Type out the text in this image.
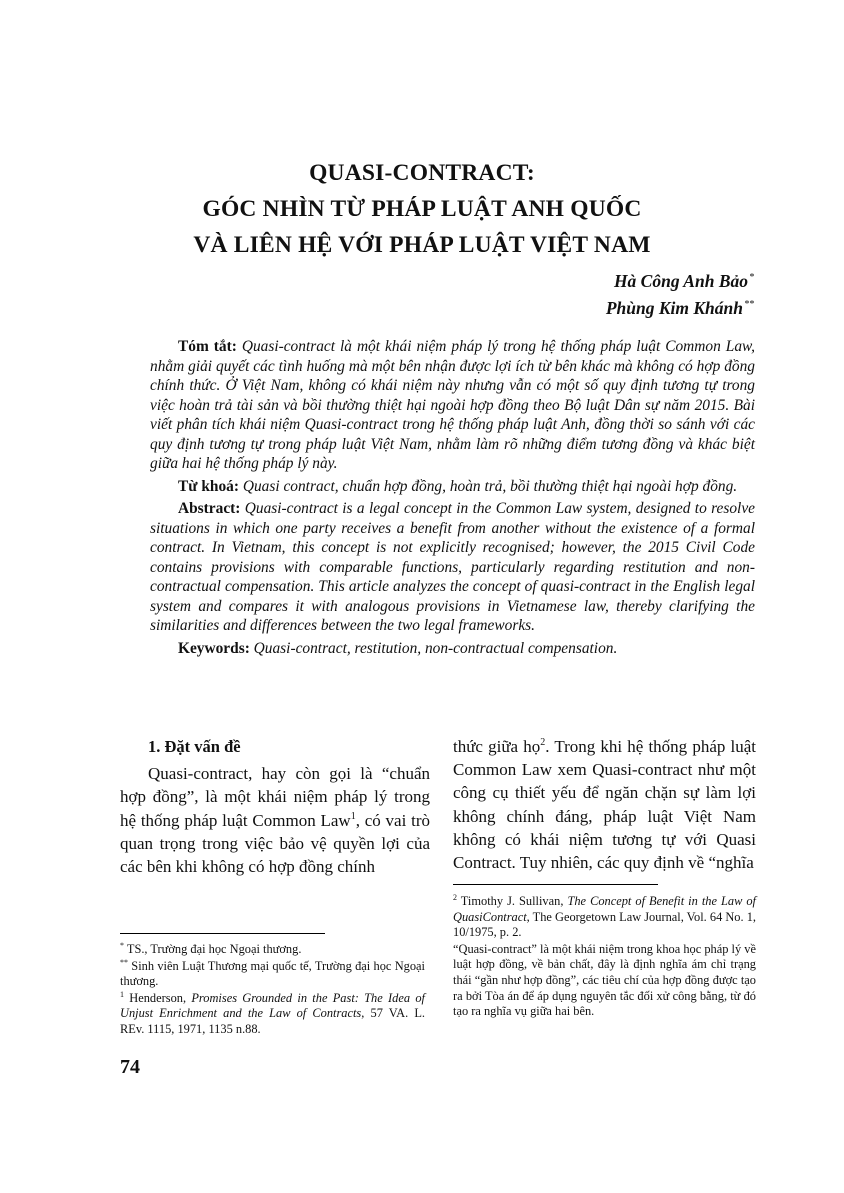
QUASI-CONTRACT:
GÓC NHÌN TỪ PHÁP LUẬT ANH QUỐC
VÀ LIÊN HỆ VỚI PHÁP LUẬT VIỆT NAM
Hà Công Anh Bảo*
Phùng Kim Khánh**

Tóm tắt: Quasi-contract là một khái niệm pháp lý trong hệ thống pháp luật Common Law, nhằm giải quyết các tình huống mà một bên nhận được lợi ích từ bên khác mà không có hợp đồng chính thức. Ở Việt Nam, không có khái niệm này nhưng vẫn có một số quy định tương tự trong việc hoàn trả tài sản và bồi thường thiệt hại ngoài hợp đồng theo Bộ luật Dân sự năm 2015. Bài viết phân tích khái niệm Quasi-contract trong hệ thống pháp luật Anh, đồng thời so sánh với các quy định tương tự trong pháp luật Việt Nam, nhằm làm rõ những điểm tương đồng và khác biệt giữa hai hệ thống pháp lý này.

Từ khoá: Quasi contract, chuẩn hợp đồng, hoàn trả, bồi thường thiệt hại ngoài hợp đồng.

Abstract: Quasi-contract is a legal concept in the Common Law system, designed to resolve situations in which one party receives a benefit from another without the existence of a formal contract. In Vietnam, this concept is not explicitly recognised; however, the 2015 Civil Code contains provisions with comparable functions, particularly regarding restitution and non-contractual compensation. This article analyzes the concept of quasi-contract in the English legal system and compares it with analogous provisions in Vietnamese law, thereby clarifying the similarities and differences between the two legal frameworks.

Keywords: Quasi-contract, restitution, non-contractual compensation.

1. Đặt vấn đề

Quasi-contract, hay còn gọi là “chuẩn hợp đồng”, là một khái niệm pháp lý trong hệ thống pháp luật Common Law$^1$, có vai trò quan trọng trong việc bảo vệ quyền lợi của các bên khi không có hợp đồng chính

thức giữa họ$^2$. Trong khi hệ thống pháp luật Common Law xem Quasi-contract như một công cụ thiết yếu để ngăn chặn sự làm lợi không chính đáng, pháp luật Việt Nam không có khái niệm tương tự với Quasi Contract. Tuy nhiên, các quy định về “nghĩa

* TS., Trường đại học Ngoại thương.

** Sinh viên Luật Thương mại quốc tế, Trường đại học Ngoại thương.

$^1$ Henderson, Promises Grounded in the Past: The Idea of Unjust Enrichment and the Law of Contracts, 57 VA. L. REv. 1115, 1971, 1135 n.88.

$^2$ Timothy J. Sullivan, The Concept of Benefit in the Law of QuasiContract, The Georgetown Law Journal, Vol. 64 No. 1, 10/1975, p. 2.

“Quasi-contract” là một khái niệm trong khoa học pháp lý về luật hợp đồng, về bản chất, đây là định nghĩa ám chỉ trạng thái “gần như hợp đồng”, các tiêu chí của hợp đồng được tạo ra bởi Tòa án để áp dụng nguyên tắc đối xử công bằng, từ đó tạo ra nghĩa vụ giữa hai bên.

74
